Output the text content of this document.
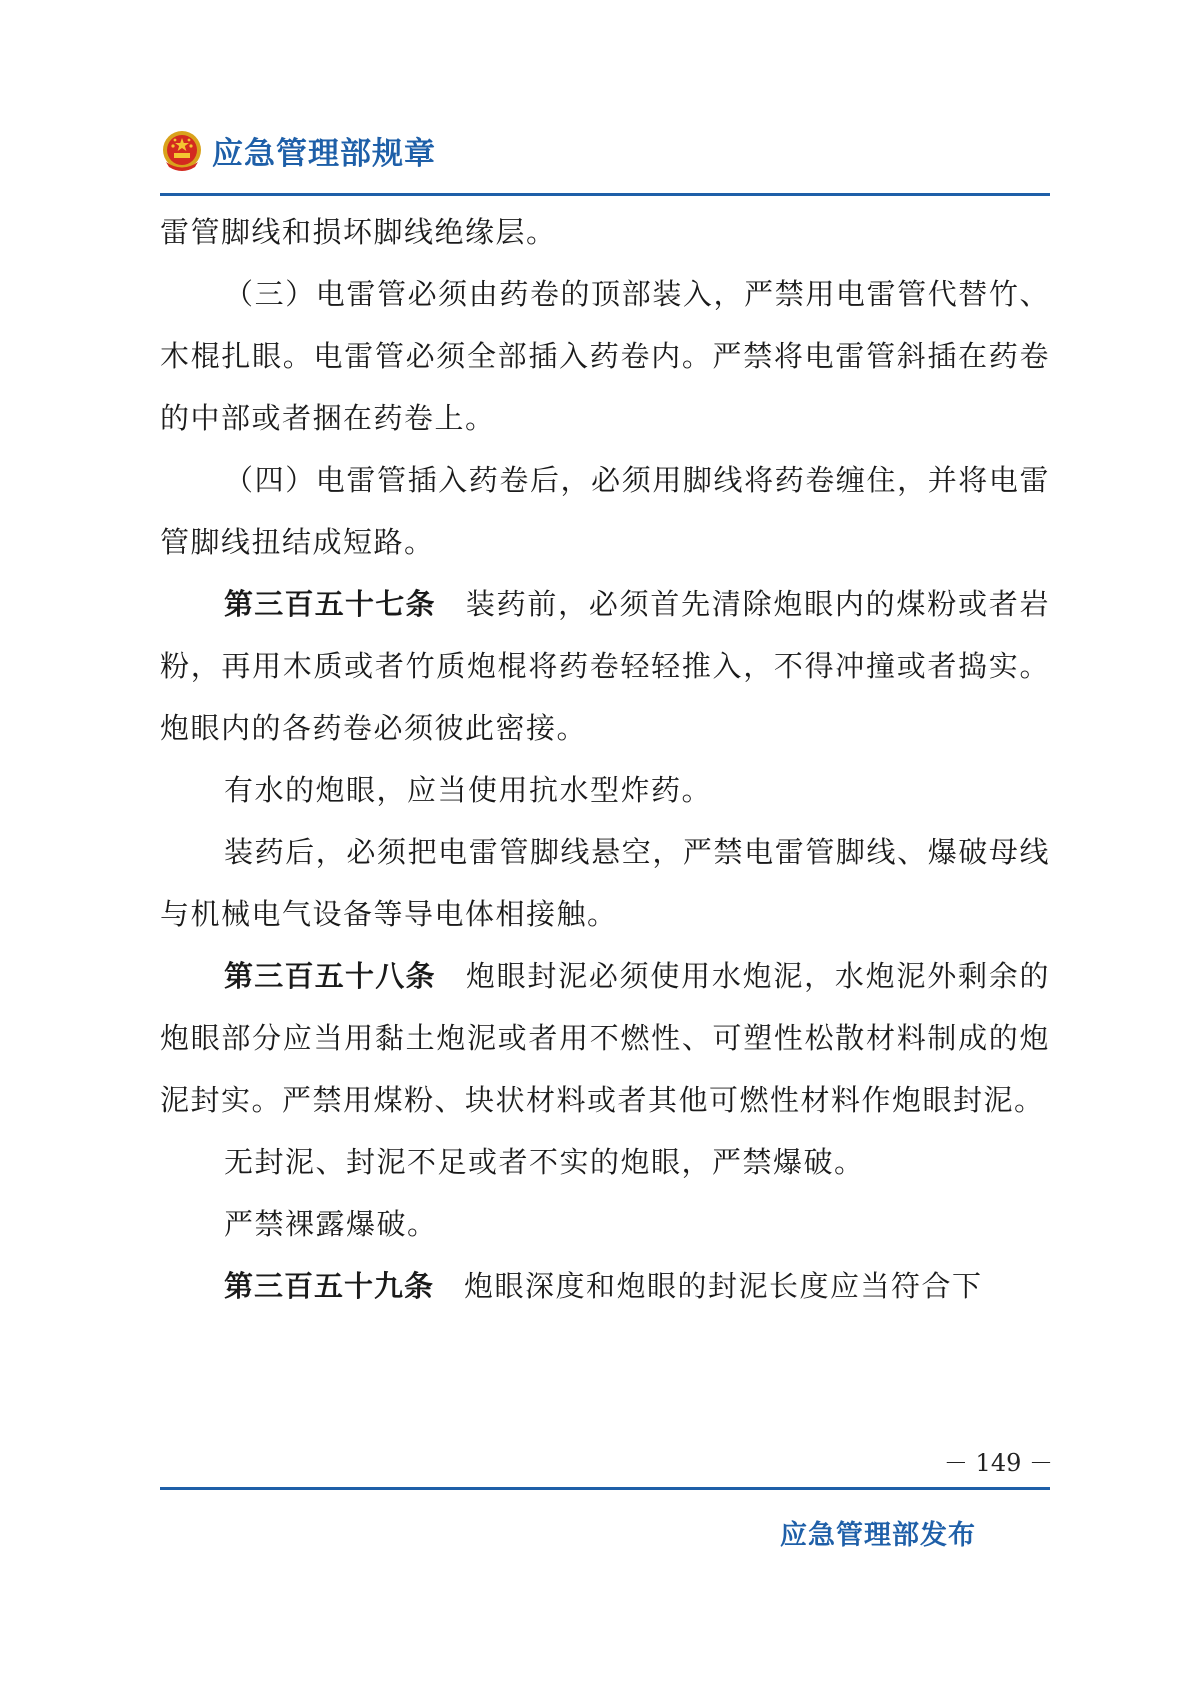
应急管理部规章

雷管脚线和损坏脚线绝缘层。

（三）电雷管必须由药卷的顶部装入，严禁用电雷管代替竹、木棍扎眼。电雷管必须全部插入药卷内。严禁将电雷管斜插在药卷的中部或者捆在药卷上。

（四）电雷管插入药卷后，必须用脚线将药卷缠住，并将电雷管脚线扭结成短路。

第三百五十七条 装药前，必须首先清除炮眼内的煤粉或者岩粉，再用木质或者竹质炮棍将药卷轻轻推入，不得冲撞或者捣实。炮眼内的各药卷必须彼此密接。

有水的炮眼，应当使用抗水型炸药。

装药后，必须把电雷管脚线悬空，严禁电雷管脚线、爆破母线与机械电气设备等导电体相接触。

第三百五十八条 炮眼封泥必须使用水炮泥，水炮泥外剩余的炮眼部分应当用黏土炮泥或者用不燃性、可塑性松散材料制成的炮泥封实。严禁用煤粉、块状材料或者其他可燃性材料作炮眼封泥。

无封泥、封泥不足或者不实的炮眼，严禁爆破。

严禁裸露爆破。

第三百五十九条 炮眼深度和炮眼的封泥长度应当符合下

－ 149 －
应急管理部发布
